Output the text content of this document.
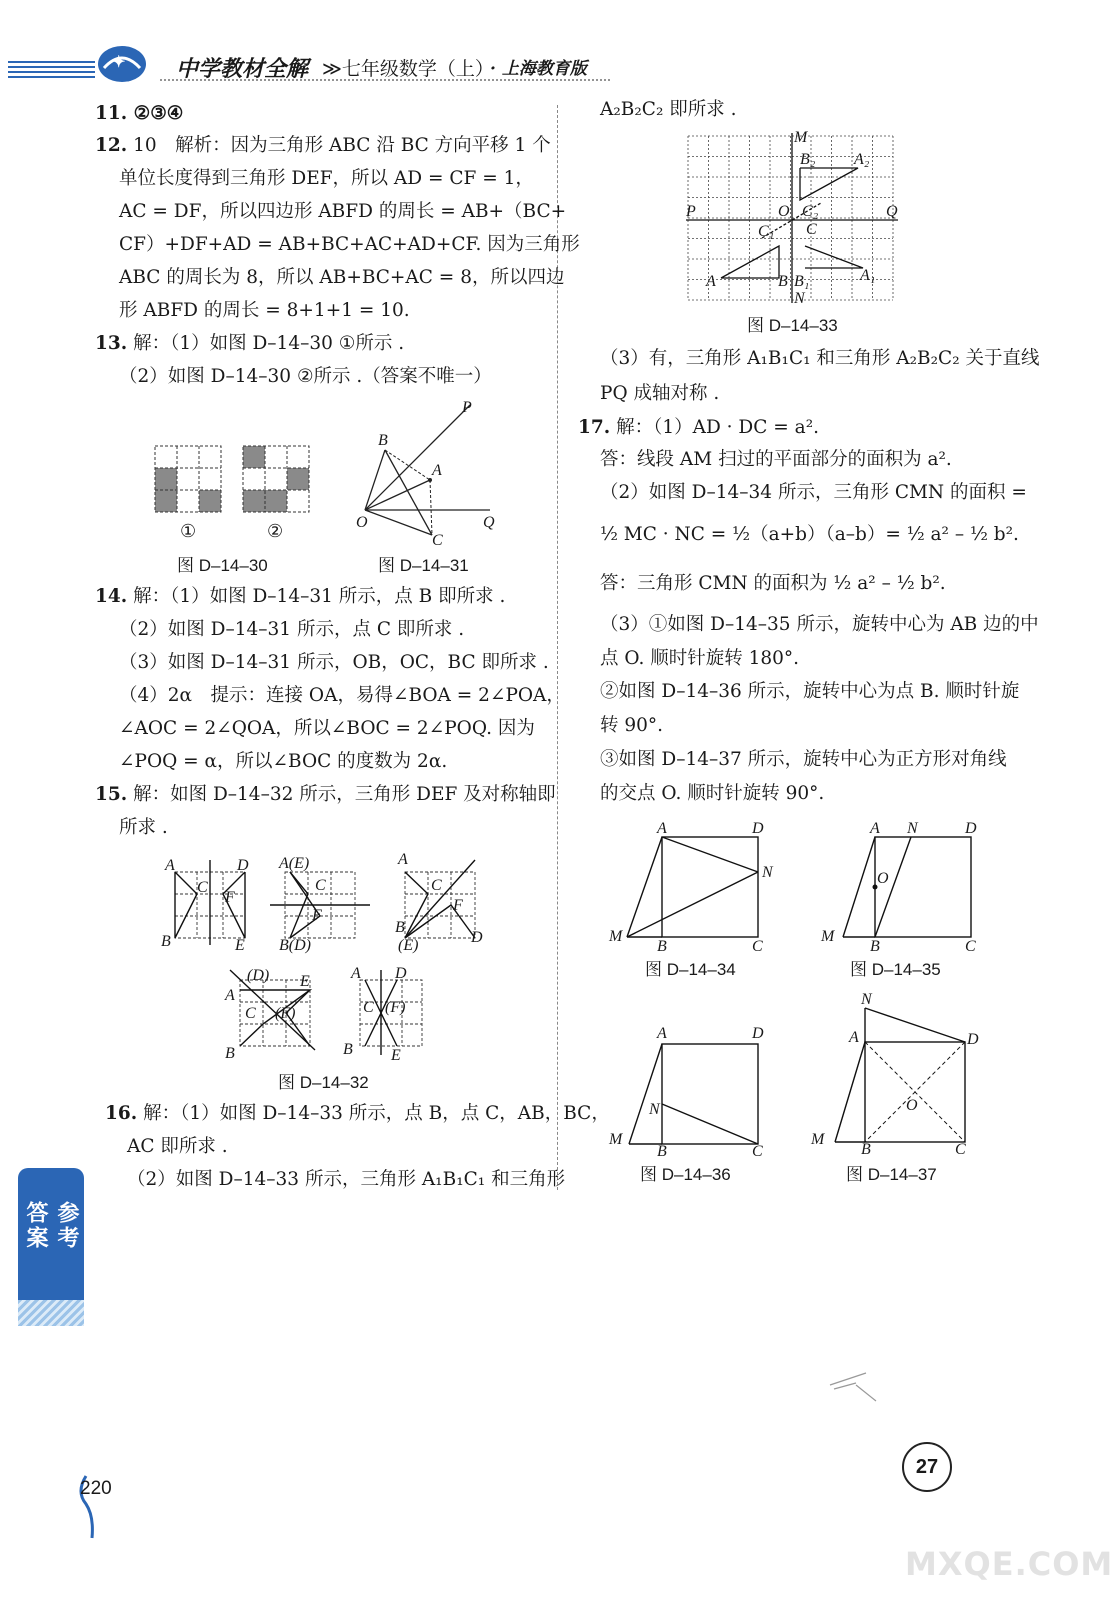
✦ 中学教材全解 ≫七年级数学（上）
· 上海教育版
11. ②③④
12. 10　解析：因为三角形 ABC 沿 BC 方向平移 1 个
单位长度得到三角形 DEF，所以 AD = CF = 1，
AC = DF，所以四边形 ABFD 的周长 = AB+（BC+
CF）+DF+AD = AB+BC+AC+AD+CF. 因为三角形
ABC 的周长为 8，所以 AB+BC+AC = 8，所以四边
形 ABFD 的周长 = 8+1+1 = 10.
13. 解：（1）如图 D–14–30 ①所示 .
（2）如图 D–14–30 ②所示 .（答案不唯一）
①	②
图 D–14–30
P
B
A
O
C
Q
图 D–14–31
14. 解：（1）如图 D–14–31 所示，点 B 即所求 .
（2）如图 D–14–31 所示，点 C 即所求 .
（3）如图 D–14–31 所示，OB，OC，BC 即所求 .
（4）2α　提示：连接 OA，易得∠BOA = 2∠POA，
∠AOC = 2∠QOA，所以∠BOC = 2∠POQ. 因为
∠POQ = α，所以∠BOC 的度数为 2α.
15. 解：如图 D–14–32 所示，三角形 DEF 及对称轴即
所求 .
A	D
C
F
B	E
A(E)
C
F
B(D)
A
C
F
B
(E)	D
(D) E
A
C (F)
B
A D
C (F)
B E
图 D–14–32
16. 解：（1）如图 D–14–33 所示，点 B，点 C，AB，BC，
AC 即所求 .
（2）如图 D–14–33 所示，三角形 A₁B₁C₁ 和三角形
A₂B₂C₂ 即所求 .
M
B₂ A₂
P	O C₂	Q
C₁ C
A	B B₁	A₁
N
图 D–14–33
（3）有，三角形 A₁B₁C₁ 和三角形 A₂B₂C₂ 关于直线
PQ 成轴对称 .
17. 解：（1）AD · DC = a².
答：线段 AM 扫过的平面部分的面积为 a².
（2）如图 D–14–34 所示，三角形 CMN 的面积 =
½ MC · NC = ½（a+b）（a–b）= ½ a² – ½ b².
答：三角形 CMN 的面积为 ½ a² – ½ b².
（3）①如图 D–14–35 所示，旋转中心为 AB 边的中
点 O. 顺时针旋转 180°.
②如图 D–14–36 所示，旋转中心为点 B. 顺时针旋
转 90°.
③如图 D–14–37 所示，旋转中心为正方形对角线
的交点 O. 顺时针旋转 90°.
A	D
N
M
B	C
图 D–14–34
A N	D
O
M
B	C
图 D–14–35
A	D
N
M
B	C
图 D–14–36
N
A	D
O
M
B	C
图 D–14–37
参考答案
220
27
MXQE.COM
